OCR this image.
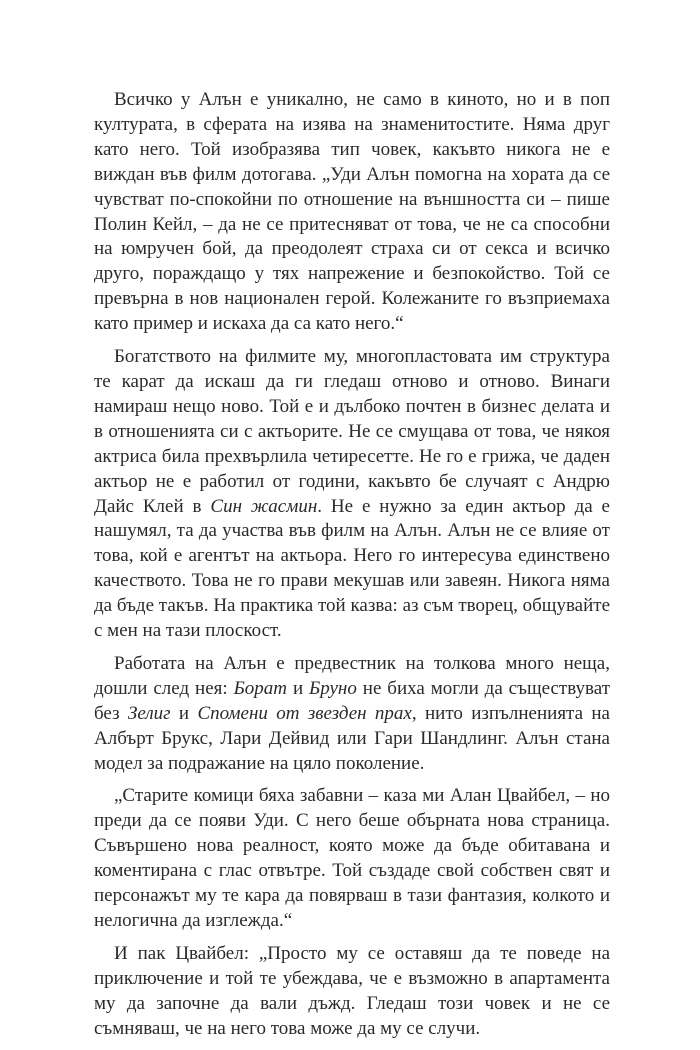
Всичко у Алън е уникално, не само в киното, но и в поп културата, в сферата на изява на знаменитостите. Няма друг като него. Той изобразява тип човек, какъвто никога не е виждан във филм дотогава. „Уди Алън помогна на хората да се чувстват по-спокойни по отношение на външността си – пише Полин Кейл, – да не се притесняват от това, че не са способни на юмручен бой, да преодолеят страха си от секса и всичко друго, пораждащо у тях напрежение и безпокойство. Той се превърна в нов национален герой. Колежаните го възприемаха като пример и искаха да са като него.“

Богатството на филмите му, многопластовата им структура те карат да искаш да ги гледаш отново и отново. Винаги намираш нещо ново. Той е и дълбоко почтен в бизнес делата и в отношенията си с актьорите. Не се смущава от това, че някоя актриса била прехвърлила четиресетте. Не го е грижа, че даден актьор не е работил от години, какъвто бе случаят с Андрю Дайс Клей в Син жасмин. Не е нужно за един актьор да е нашумял, та да участва във филм на Алън. Алън не се влияе от това, кой е агентът на актьора. Него го интересува единствено качеството. Това не го прави мекушав или завеян. Никога няма да бъде такъв. На практика той казва: аз съм творец, общувайте с мен на тази плоскост.

Работата на Алън е предвестник на толкова много неща, дошли след нея: Борат и Бруно не биха могли да съществуват без Зелиг и Спомени от звезден прах, нито изпълненията на Албърт Брукс, Лари Дейвид или Гари Шандлинг. Алън стана модел за подражание на цяло поколение.

„Старите комици бяха забавни – каза ми Алан Цвайбел, – но преди да се появи Уди. С него беше обърната нова страница. Съвършено нова реалност, която може да бъде обитавана и коментирана с глас отвътре. Той създаде свой собствен свят и персонажът му те кара да повярваш в тази фантазия, колкото и нелогична да изглежда.“

И пак Цвайбел: „Просто му се оставяш да те поведе на приключение и той те убеждава, че е възможно в апартамента му да започне да вали дъжд. Гледаш този човек и не се съмняваш, че на него това може да му се случи.
